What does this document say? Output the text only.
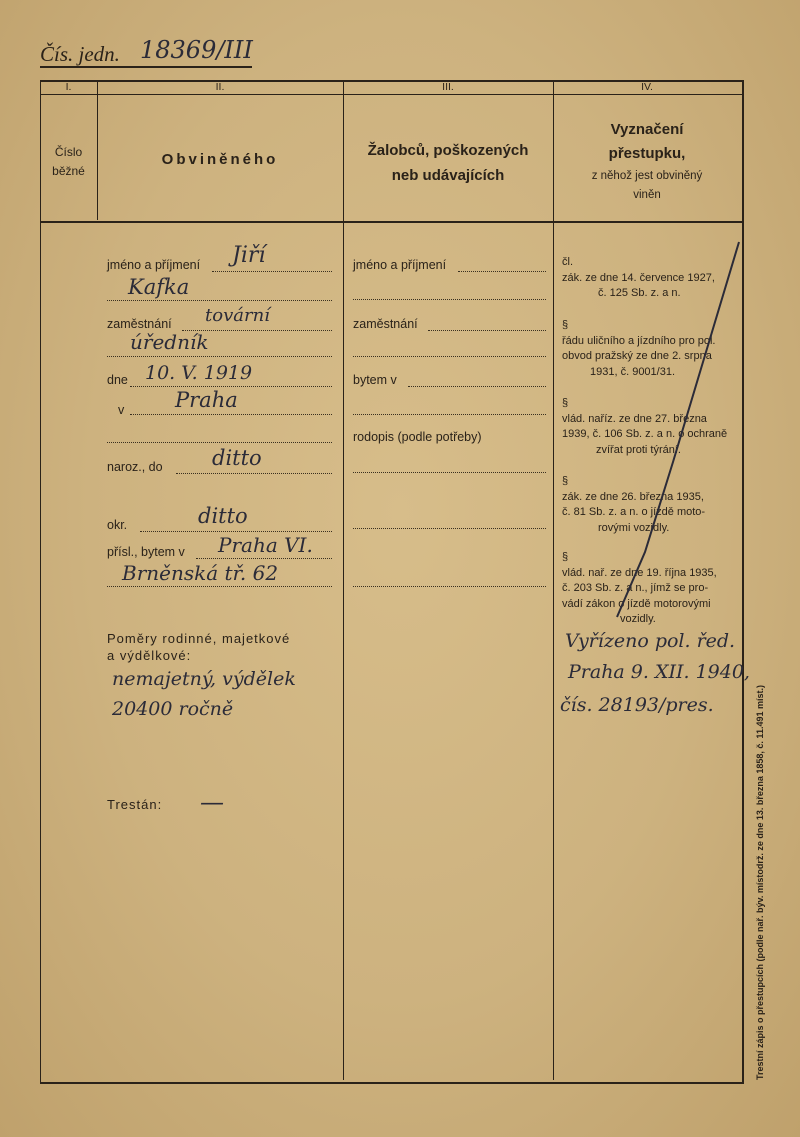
Čís. jedn. 18369/III
I.	II.	III.	IV.
Číslo
běžné
Obviněného
Žalobců, poškozených
neb udávajících
Vyznačení
přestupku,
z něhož jest obviněný
viněn
jméno a příjmení Jiří
Kafka
zaměstnání tovární
úředník
dne 10. V. 1919
v Praha
naroz., do ditto
okr.	ditto
přísl., bytem v Praha VI.
Brněnská tř. 62
Poměry rodinné, majetkové
a výdělkové:
nemajetný, výdělek
20400 ročně
Trestán: —
jméno a příjmení
zaměstnání
bytem v
rodopis (podle potřeby)
čl.
zák. ze dne 14. července 1927,
č. 125 Sb. z. a n.
§
řádu uličního a jízdního pro pol.
obvod pražský ze dne 2. srpna
1931, č. 9001/31.
§
vlád. naříz. ze dne 27. března
1939, č. 106 Sb. z. a n. o ochraně
zvířat proti týrání.
§
zák. ze dne 26. března 1935,
č. 81 Sb. z. a n. o jízdě moto-
rovými vozidly.
§
vlád. nař. ze dne 19. října 1935,
č. 203 Sb. z. a n., jímž se pro-
vádí zákon o jízdě motorovými
vozidly.
Vyřízeno pol. řed.
Praha 9. XII. 1940,
čís. 28193/pres.	Trestní zápis o přestupcích (podle nař. býv. místodrž. ze dne 13. března 1858, č. 11.491 míst.)
